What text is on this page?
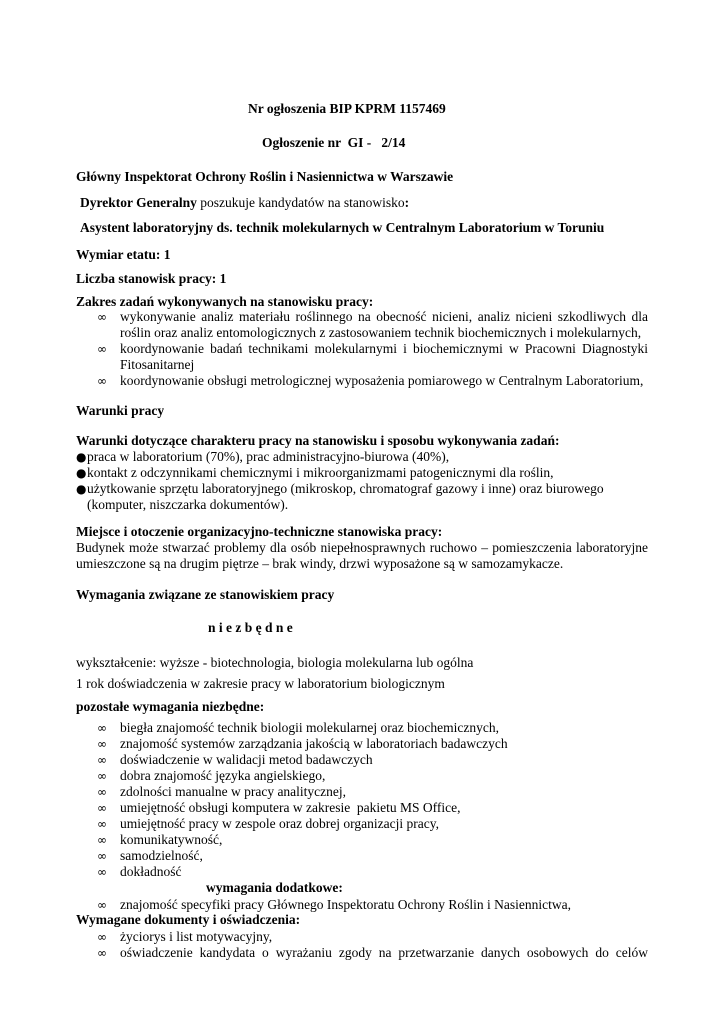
Nr ogłoszenia BIP KPRM 1157469
Ogłoszenie nr  GI -   2/14
Główny Inspektorat Ochrony Roślin i Nasiennictwa w Warszawie
Dyrektor Generalny poszukuje kandydatów na stanowisko:
Asystent laboratoryjny ds. technik molekularnych w Centralnym Laboratorium w Toruniu
Wymiar etatu: 1
Liczba stanowisk pracy: 1
Zakres zadań wykonywanych na stanowisku pracy:
∞ wykonywanie analiz materiału roślinnego na obecność nicieni, analiz nicieni szkodliwych dla
roślin oraz analiz entomologicznych z zastosowaniem technik biochemicznych i molekularnych,
∞ koordynowanie badań technikami molekularnymi i biochemicznymi w Pracowni Diagnostyki
Fitosanitarnej
∞ koordynowanie obsługi metrologicznej wyposażenia pomiarowego w Centralnym Laboratorium,
Warunki pracy
Warunki dotyczące charakteru pracy na stanowisku i sposobu wykonywania zadań:
● praca w laboratorium (70%), prac administracyjno-biurowa (40%),
● kontakt z odczynnikami chemicznymi i mikroorganizmami patogenicznymi dla roślin,
● użytkowanie sprzętu laboratoryjnego (mikroskop, chromatograf gazowy i inne) oraz biurowego
(komputer, niszczarka dokumentów).
Miejsce i otoczenie organizacyjno-techniczne stanowiska pracy:
Budynek może stwarzać problemy dla osób niepełnosprawnych ruchowo – pomieszczenia laboratoryjne
umieszczone są na drugim piętrze – brak windy, drzwi wyposażone są w samozamykacze.
Wymagania związane ze stanowiskiem pracy
n i e z b ę d n e
wykształcenie: wyższe - biotechnologia, biologia molekularna lub ogólna
1 rok doświadczenia w zakresie pracy w laboratorium biologicznym
pozostałe wymagania niezbędne:
∞ biegła znajomość technik biologii molekularnej oraz biochemicznych,
∞ znajomość systemów zarządzania jakością w laboratoriach badawczych
∞ doświadczenie w walidacji metod badawczych
∞ dobra znajomość języka angielskiego,
∞ zdolności manualne w pracy analitycznej,
∞ umiejętność obsługi komputera w zakresie  pakietu MS Office,
∞ umiejętność pracy w zespole oraz dobrej organizacji pracy,
∞ komunikatywność,
∞ samodzielność,
∞ dokładność
wymagania dodatkowe:
∞ znajomość specyfiki pracy Głównego Inspektoratu Ochrony Roślin i Nasiennictwa,
Wymagane dokumenty i oświadczenia:
∞ życiorys i list motywacyjny,
∞ oświadczenie kandydata o wyrażaniu zgody na przetwarzanie danych osobowych do celów
